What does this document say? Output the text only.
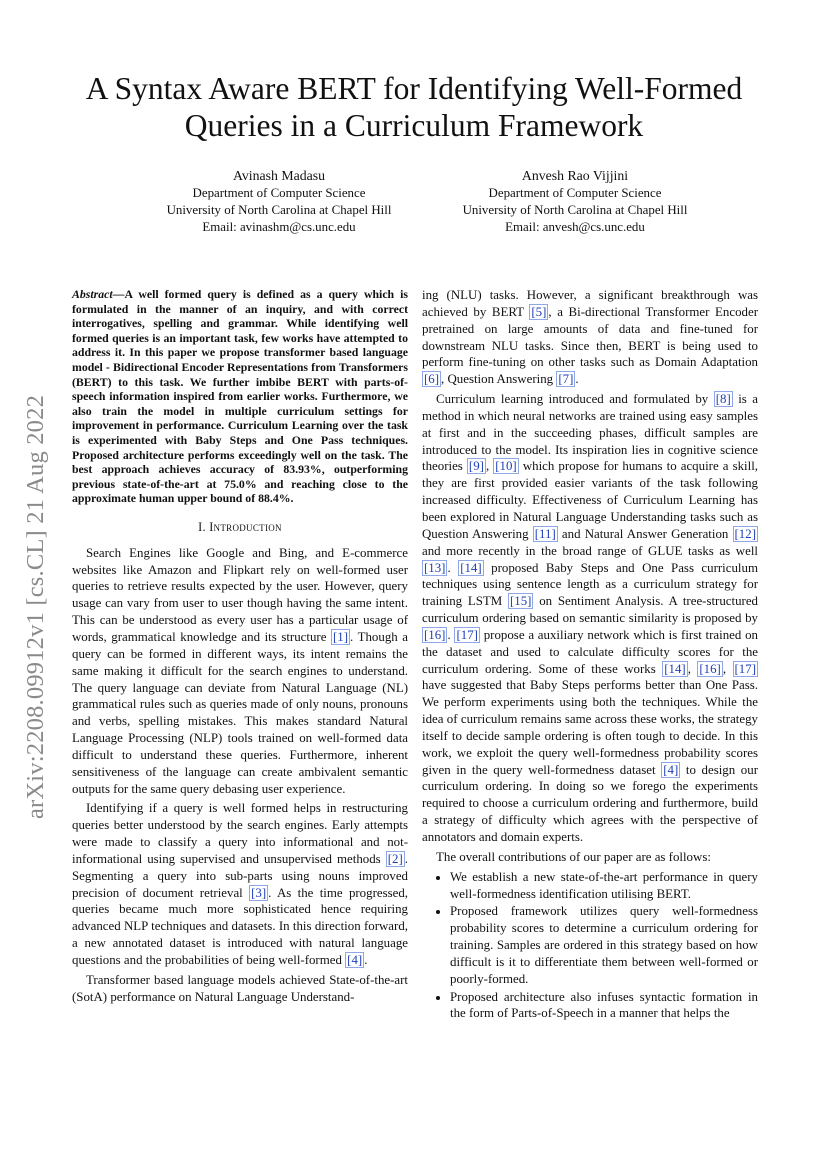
arXiv:2208.09912v1 [cs.CL] 21 Aug 2022
A Syntax Aware BERT for Identifying Well-Formed
Queries in a Curriculum Framework
Avinash Madasu
Department of Computer Science
University of North Carolina at Chapel Hill
Email: avinashm@cs.unc.edu
Anvesh Rao Vijjini
Department of Computer Science
University of North Carolina at Chapel Hill
Email: anvesh@cs.unc.edu
Abstract—A well formed query is defined as a query which is formulated in the manner of an inquiry, and with correct interrogatives, spelling and grammar. While identifying well formed queries is an important task, few works have attempted to address it. In this paper we propose transformer based language model - Bidirectional Encoder Representations from Transformers (BERT) to this task. We further imbibe BERT with parts-of-speech information inspired from earlier works. Furthermore, we also train the model in multiple curriculum settings for improvement in performance. Curriculum Learning over the task is experimented with Baby Steps and One Pass techniques. Proposed architecture performs exceedingly well on the task. The best approach achieves accuracy of 83.93%, outperforming previous state-of-the-art at 75.0% and reaching close to the approximate human upper bound of 88.4%.
I. Introduction

Search Engines like Google and Bing, and E-commerce websites like Amazon and Flipkart rely on well-formed user queries to retrieve results expected by the user. However, query usage can vary from user to user though having the same intent. This can be understood as every user has a particular usage of words, grammatical knowledge and its structure [1] . Though a query can be formed in different ways, its intent remains the same making it difficult for the search engines to understand. The query language can deviate from Natural Language (NL) grammatical rules such as queries made of only nouns, pronouns and verbs, spelling mistakes. This makes standard Natural Language Processing (NLP) tools trained on well-formed data difficult to understand these queries. Furthermore, inherent sensitiveness of the language can create ambivalent semantic outputs for the same query debasing user experience.

Identifying if a query is well formed helps in restructuring queries better understood by the search engines. Early attempts were made to classify a query into informational and not-informational using supervised and unsupervised methods [2] . Segmenting a query into sub-parts using nouns improved precision of document retrieval [3] . As the time progressed, queries became much more sophisticated hence requiring advanced NLP techniques and datasets. In this direction forward, a new annotated dataset is introduced with natural language questions and the probabilities of being well-formed [4] .

Transformer based language models achieved State-of-the-art (SotA) performance on Natural Language Understand-

ing (NLU) tasks. However, a significant breakthrough was achieved by BERT [5] , a Bi-directional Transformer Encoder pretrained on large amounts of data and fine-tuned for downstream NLU tasks. Since then, BERT is being used to perform fine-tuning on other tasks such as Domain Adaptation [6] , Question Answering [7] .

Curriculum learning introduced and formulated by [8] is a method in which neural networks are trained using easy samples at first and in the succeeding phases, difficult samples are introduced to the model. Its inspiration lies in cognitive science theories [9] , [10] which propose for humans to acquire a skill, they are first provided easier variants of the task following increased difficulty. Effectiveness of Curriculum Learning has been explored in Natural Language Understanding tasks such as Question Answering [11] and Natural Answer Generation [12] and more recently in the broad range of GLUE tasks as well [13] . [14] proposed Baby Steps and One Pass curriculum techniques using sentence length as a curriculum strategy for training LSTM [15] on Sentiment Analysis. A tree-structured curriculum ordering based on semantic similarity is proposed by [16] . [17] propose a auxiliary network which is first trained on the dataset and used to calculate difficulty scores for the curriculum ordering. Some of these works [14] , [16] , [17] have suggested that Baby Steps performs better than One Pass. We perform experiments using both the techniques. While the idea of curriculum remains same across these works, the strategy itself to decide sample ordering is often tough to decide. In this work, we exploit the query well-formedness probability scores given in the query well-formedness dataset [4] to design our curriculum ordering. In doing so we forego the experiments required to choose a curriculum ordering and furthermore, build a strategy of difficulty which agrees with the perspective of annotators and domain experts.

The overall contributions of our paper are as follows:

• We establish a new state-of-the-art performance in query well-formedness identification utilising BERT.
• Proposed framework utilizes query well-formedness probability scores to determine a curriculum ordering for training. Samples are ordered in this strategy based on how difficult is it to differentiate them between well-formed or poorly-formed.
• Proposed architecture also infuses syntactic formation in the form of Parts-of-Speech in a manner that helps the
